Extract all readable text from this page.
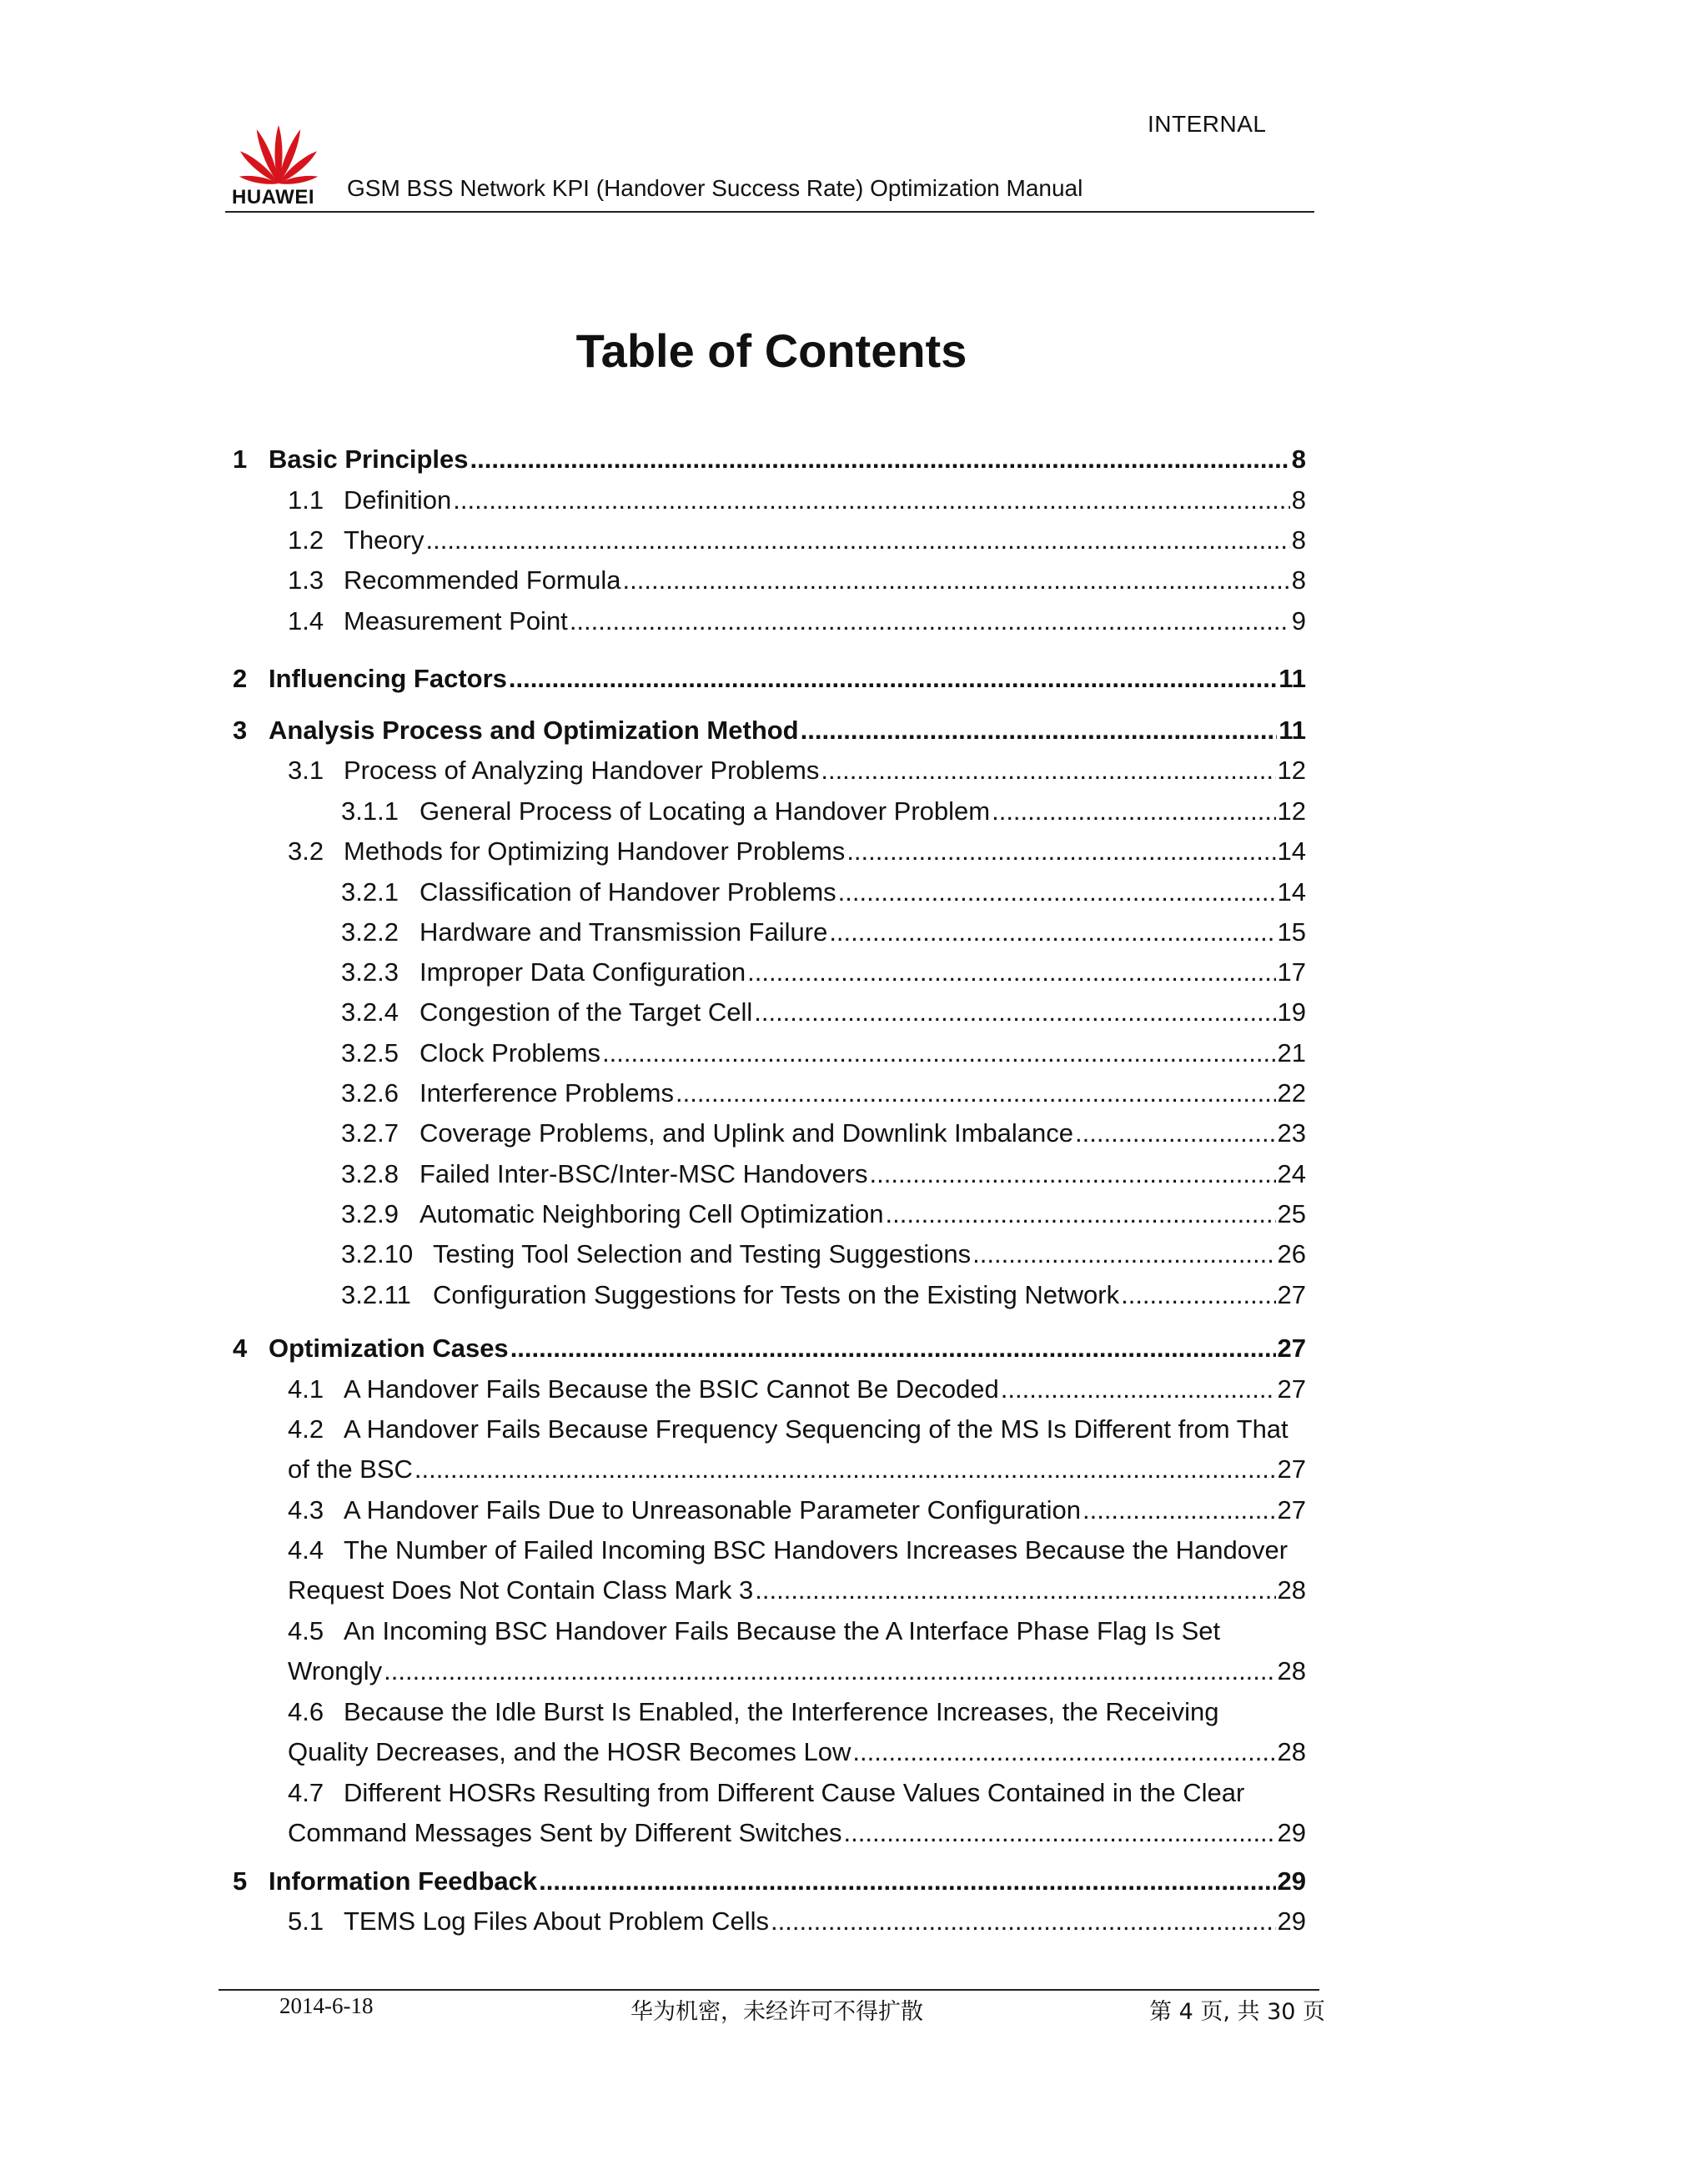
INTERNAL
HUAWEI GSM BSS Network KPI (Handover Success Rate) Optimization Manual
Table of Contents
1 Basic Principles .....	8
1.1 Definition .....	8
1.2 Theory .....	8
1.3 Recommended Formula .....	8
1.4 Measurement Point .....	9
2 Influencing Factors .....	11
3 Analysis Process and Optimization Method .....	11
3.1 Process of Analyzing Handover Problems .....	12
3.1.1 General Process of Locating a Handover Problem .....	12
3.2 Methods for Optimizing Handover Problems .....	14
3.2.1 Classification of Handover Problems .....	14
3.2.2 Hardware and Transmission Failure .....	15
3.2.3 Improper Data Configuration .....	17
3.2.4 Congestion of the Target Cell .....	19
3.2.5 Clock Problems .....	21
3.2.6 Interference Problems .....	22
3.2.7 Coverage Problems, and Uplink and Downlink Imbalance .....	23
3.2.8 Failed Inter-BSC/Inter-MSC Handovers .....	24
3.2.9 Automatic Neighboring Cell Optimization .....	25
3.2.10 Testing Tool Selection and Testing Suggestions .....	26
3.2.11 Configuration Suggestions for Tests on the Existing Network .....	27
4 Optimization Cases .....	27
4.1 A Handover Fails Because the BSIC Cannot Be Decoded .....	27
4.2 A Handover Fails Because Frequency Sequencing of the MS Is Different from That
of the BSC .....	27
4.3 A Handover Fails Due to Unreasonable Parameter Configuration .....	27
4.4 The Number of Failed Incoming BSC Handovers Increases Because the Handover
Request Does Not Contain Class Mark 3 .....	28
4.5 An Incoming BSC Handover Fails Because the A Interface Phase Flag Is Set
Wrongly .....	28
4.6 Because the Idle Burst Is Enabled, the Interference Increases, the Receiving
Quality Decreases, and the HOSR Becomes Low .....	28
4.7 Different HOSRs Resulting from Different Cause Values Contained in the Clear
Command Messages Sent by Different Switches .....	29
5 Information Feedback .....	29
5.1 TEMS Log Files About Problem Cells .....	29
2014-6-18	华为机密，未经许可不得扩散	第 4 页, 共 30 页
